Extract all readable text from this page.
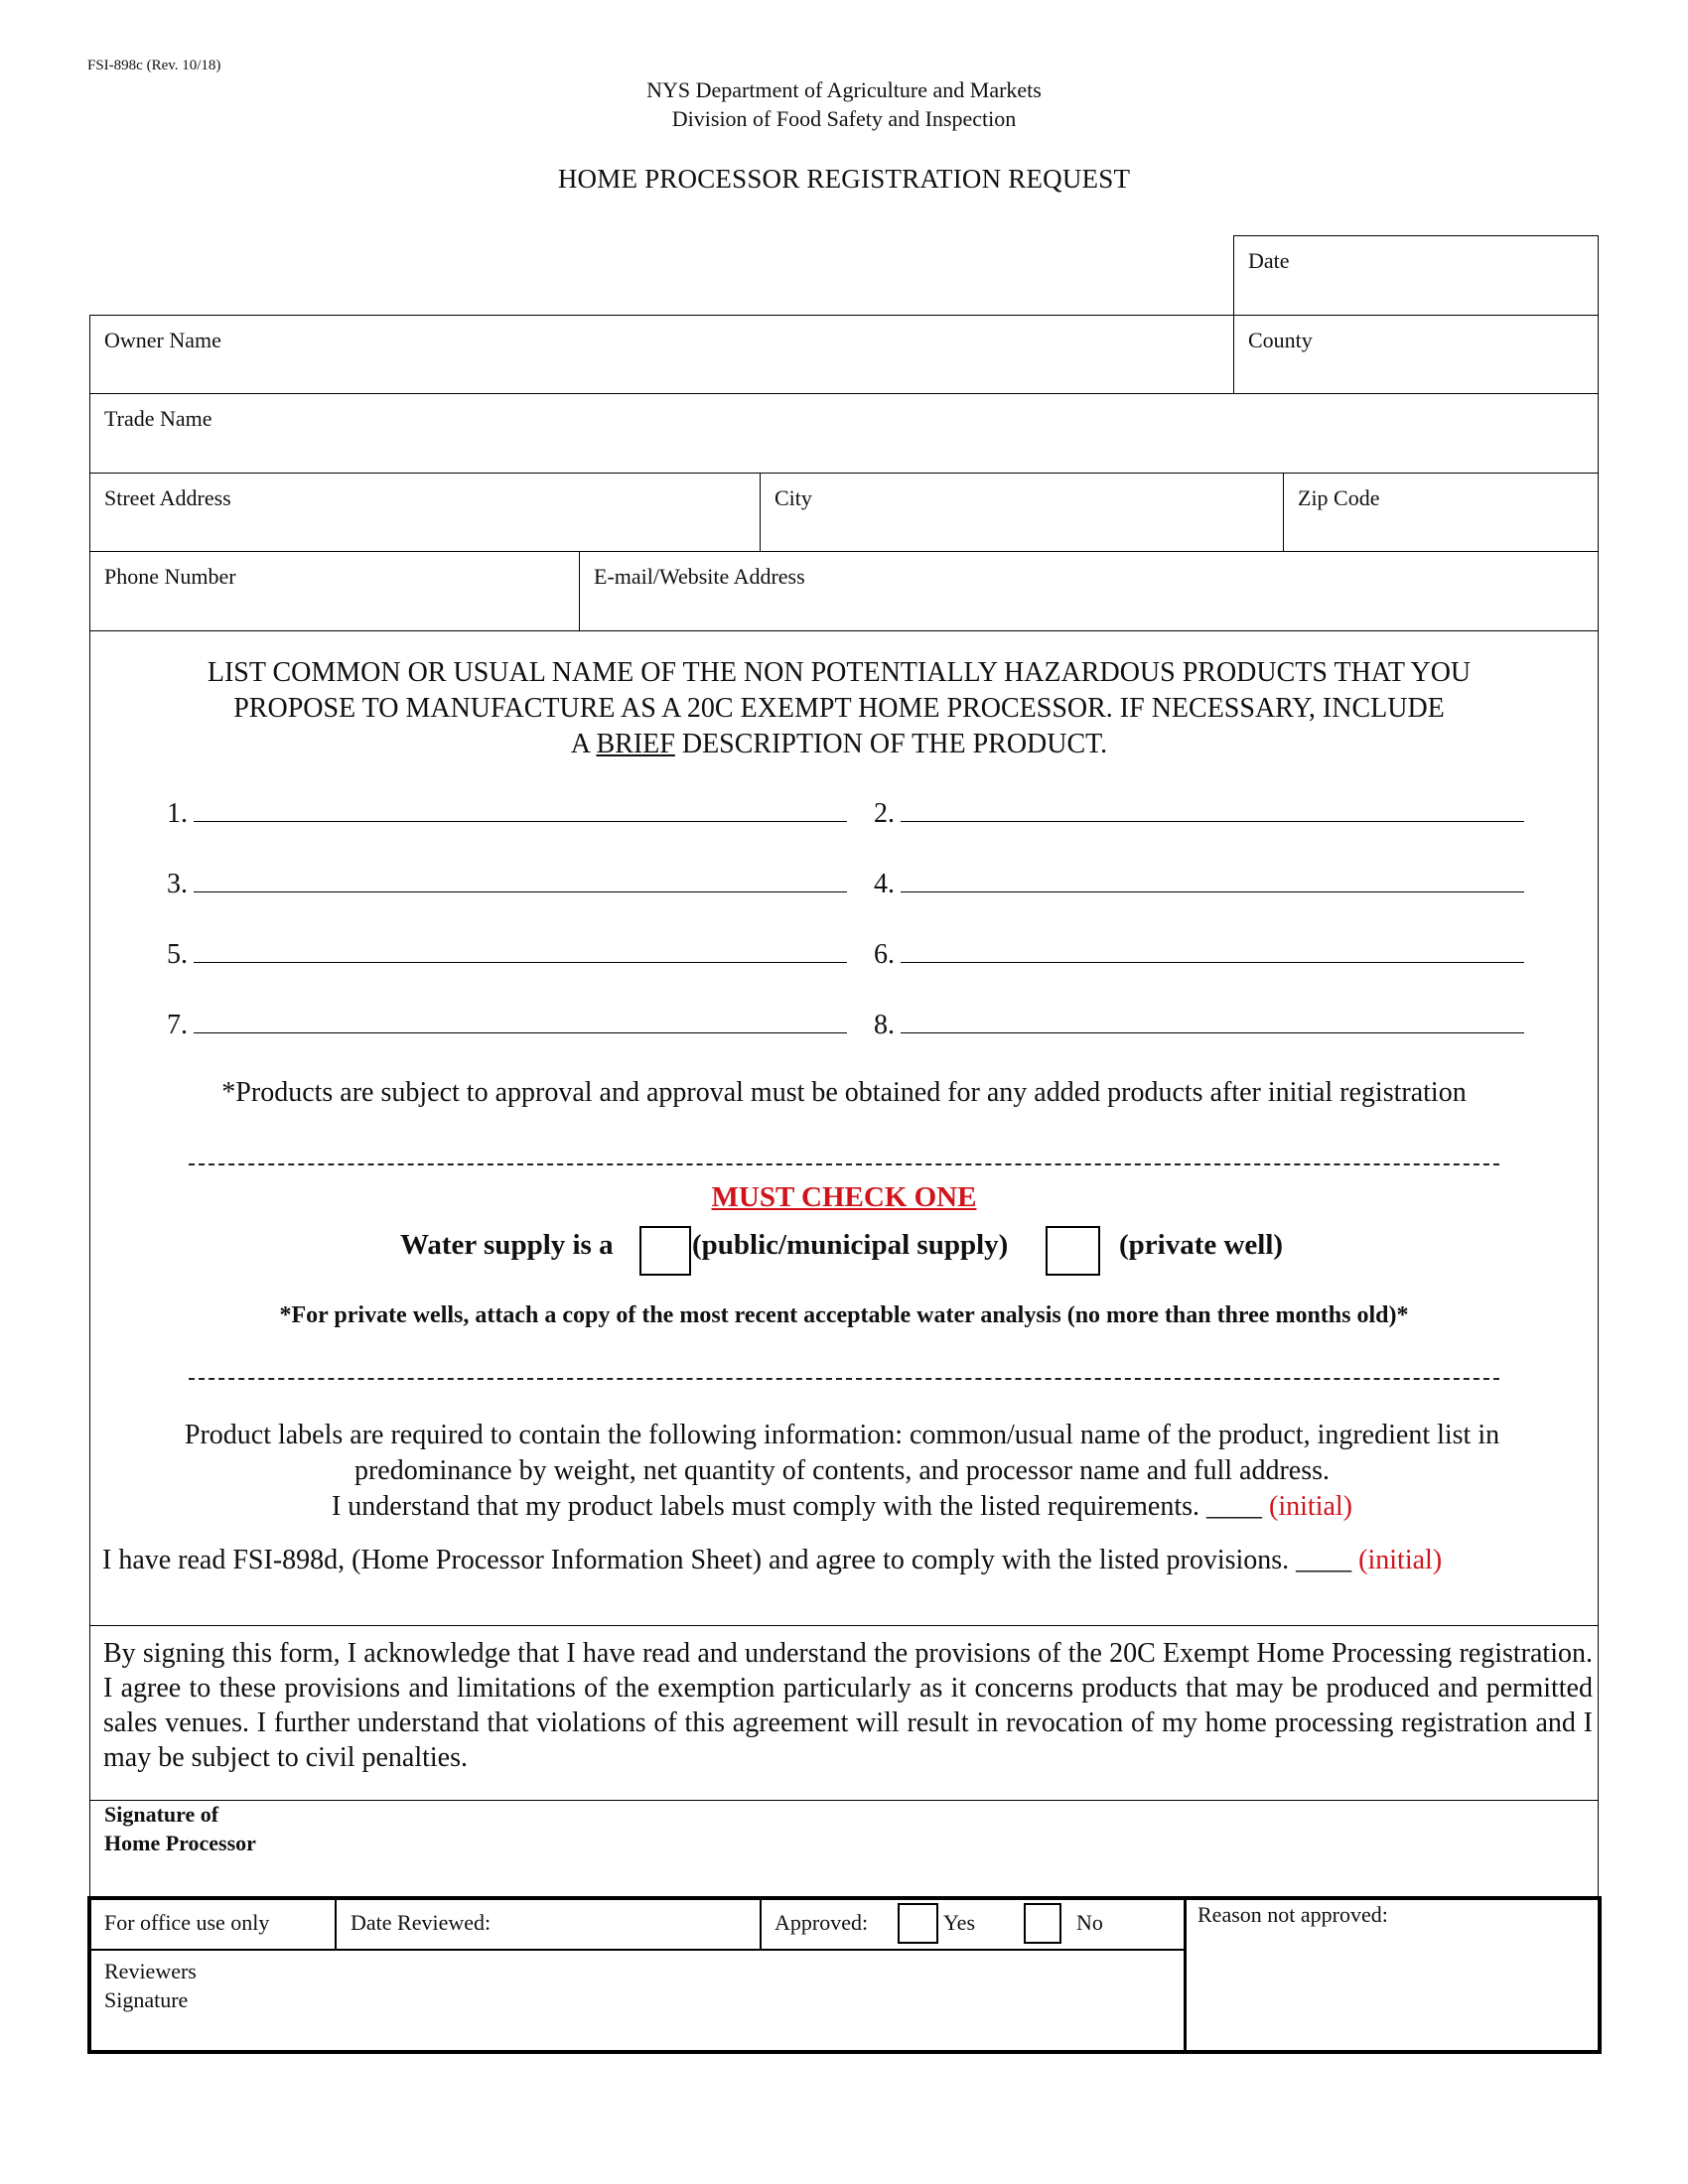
FSI-898c (Rev. 10/18)
NYS Department of Agriculture and Markets
Division of Food Safety and Inspection
HOME PROCESSOR REGISTRATION REQUEST
Date
Owner Name	County
Trade Name
Street Address	City	Zip Code
Phone Number	E-mail/Website Address
LIST COMMON OR USUAL NAME OF THE NON POTENTIALLY HAZARDOUS PRODUCTS THAT YOU
PROPOSE TO MANUFACTURE AS A 20C EXEMPT HOME PROCESSOR. IF NECESSARY, INCLUDE
A BRIEF DESCRIPTION OF THE PRODUCT.
1.	2.
3.	4.
5.	6.
7.	8.
*Products are subject to approval and approval must be obtained for any added products after initial registration
MUST CHECK ONE
Water supply is a	(public/municipal supply)	(private well)
*For private wells, attach a copy of the most recent acceptable water analysis (no more than three months old)*
Product labels are required to contain the following information: common/usual name of the product, ingredient list in
predominance by weight, net quantity of contents, and processor name and full address.
I understand that my product labels must comply with the listed requirements. ____ (initial)
I have read FSI-898d, (Home Processor Information Sheet) and agree to comply with the listed provisions. ____ (initial)
By signing this form, I acknowledge that I have read and understand the provisions of the 20C Exempt Home Processing registration. I agree to these provisions and limitations of the exemption particularly as it concerns products that may be produced and permitted sales venues. I further understand that violations of this agreement will result in revocation of my home processing registration and I may be subject to civil penalties.
Signature of
Home Processor
For office use only	Date Reviewed:	Approved:	Yes	No	Reason not approved:
Reviewers
Signature
